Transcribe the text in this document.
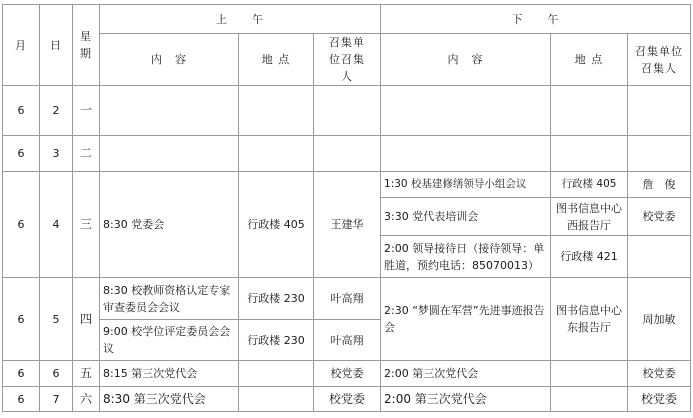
月	日	星期	上　　午			下　　午		
			内　容	地 点	召集单位召集人	内　容	地 点	召集单位召集人
6	2	一						
6	3	二						
6	4	三	8:30 党委会	行政楼 405	王建华	1:30 校基建修缮领导小组会议	行政楼 405	詹　俊
						3:30 党代表培训会	图书信息中心西报告厅	校党委
						2:00 领导接待日（接待领导：单胜道，预约电话：85070013）	行政楼 421	
6	5	四	8:30 校教师资格认定专家审查委员会会议	行政楼 230	叶高翔	2:30 “梦圆在军营”先进事迹报告会	图书信息中心东报告厅	周加敏
			9:00 校学位评定委员会会议	行政楼 230	叶高翔			
6	6	五	8:15 第三次党代会		校党委	2:00 第三次党代会		校党委
6	7	六	8:30 第三次党代会		校党委	2:00 第三次党代会		校党委
